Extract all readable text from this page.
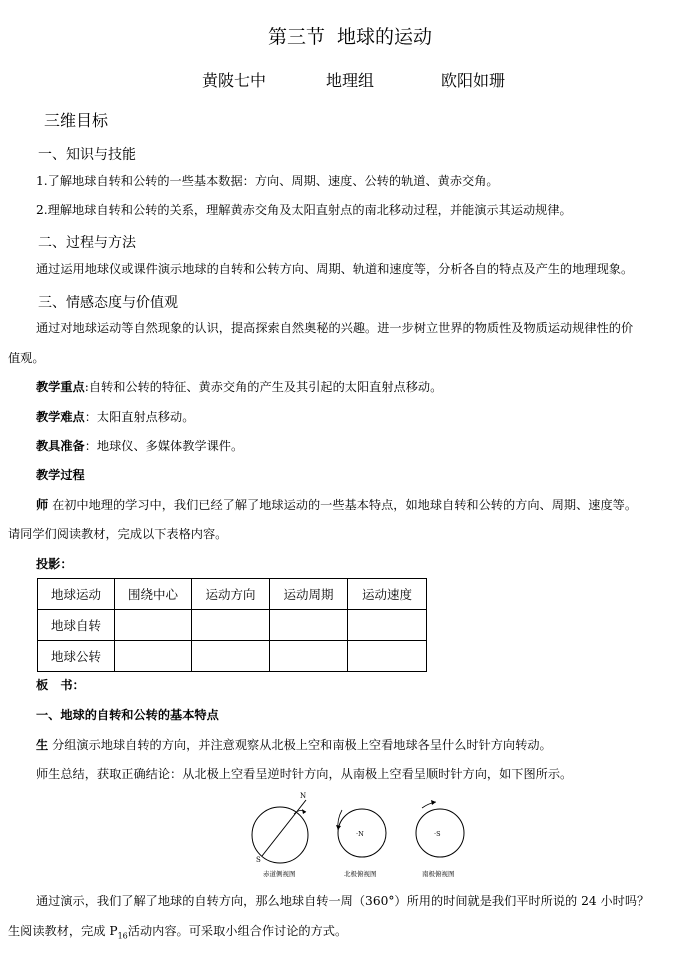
第三节 地球的运动
黄陂七中	地理组	欧阳如珊
三维目标
一、知识与技能
1.了解地球自转和公转的一些基本数据：方向、周期、速度、公转的轨道、黄赤交角。
2.理解地球自转和公转的关系，理解黄赤交角及太阳直射点的南北移动过程，并能演示其运动规律。
二、过程与方法
通过运用地球仪或课件演示地球的自转和公转方向、周期、轨道和速度等，分析各自的特点及产生的地理现象。
三、情感态度与价值观
通过对地球运动等自然现象的认识，提高探索自然奥秘的兴趣。进一步树立世界的物质性及物质运动规律性的价
值观。
教学重点:自转和公转的特征、黄赤交角的产生及其引起的太阳直射点移动。
教学难点：太阳直射点移动。
教具准备：地球仪、多媒体教学课件。
教学过程
师 在初中地理的学习中，我们已经了解了地球运动的一些基本特点，如地球自转和公转的方向、周期、速度等。
请同学们阅读教材，完成以下表格内容。
投影：
地球运动	围绕中心	运动方向	运动周期	运动速度
地球自转				
地球公转				
板　书：
一、地球的自转和公转的基本特点
生 分组演示地球自转的方向，并注意观察从北极上空和南极上空看地球各呈什么时针方向转动。
师生总结，获取正确结论：从北极上空看呈逆时针方向，从南极上空看呈顺时针方向，如下图所示。
N
S
赤道侧视图
·N
北极俯视图
·S
南极俯视图
通过演示，我们了解了地球的自转方向，那么地球自转一周（360°）所用的时间就是我们平时所说的 24 小时吗？
生阅读教材，完成 $P_{16}$活动内容。可采取小组合作讨论的方式。
